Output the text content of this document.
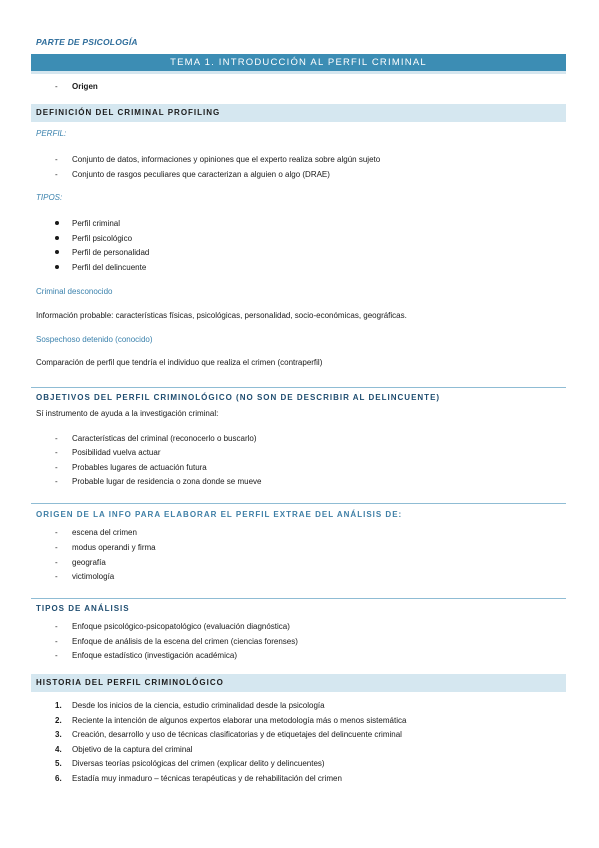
PARTE DE PSICOLOGÍA
TEMA 1. INTRODUCCIÓN AL PERFIL CRIMINAL
- Origen
DEFINICIÓN DEL CRIMINAL PROFILING
PERFIL:
- Conjunto de datos, informaciones y opiniones que el experto realiza sobre algún sujeto
- Conjunto de rasgos peculiares que caracterizan a alguien o algo (DRAE)
TIPOS:
Perfil criminal
Perfil psicológico
Perfil de personalidad
Perfil del delincuente
Criminal desconocido
Información probable: características físicas, psicológicas, personalidad, socio-económicas, geográficas.
Sospechoso detenido (conocido)
Comparación de perfil que tendría el individuo que realiza el crimen (contraperfil)
OBJETIVOS DEL PERFIL CRIMINOLÓGICO (NO SON DE DESCRIBIR AL DELINCUENTE)
Sí instrumento de ayuda a la investigación criminal:
- Características del criminal (reconocerlo o buscarlo)
- Posibilidad vuelva actuar
- Probables lugares de actuación futura
- Probable lugar de residencia o zona donde se mueve
ORIGEN DE LA INFO PARA ELABORAR EL PERFIL EXTRAE DEL ANÁLISIS DE:
- escena del crimen
- modus operandi y firma
- geografía
- victimología
TIPOS DE ANÁLISIS
- Enfoque psicológico-psicopatológico (evaluación diagnóstica)
- Enfoque de análisis de la escena del crimen (ciencias forenses)
- Enfoque estadístico (investigación académica)
HISTORIA DEL PERFIL CRIMINOLÓGICO
1. Desde los inicios de la ciencia, estudio criminalidad desde la psicología
2. Reciente la intención de algunos expertos elaborar una metodología más o menos sistemática
3. Creación, desarrollo y uso de técnicas clasificatorias y de etiquetajes del delincuente criminal
4. Objetivo de la captura del criminal
5. Diversas teorías psicológicas del crimen (explicar delito y delincuentes)
6. Estadía muy inmaduro – técnicas terapéuticas y de rehabilitación del crimen
